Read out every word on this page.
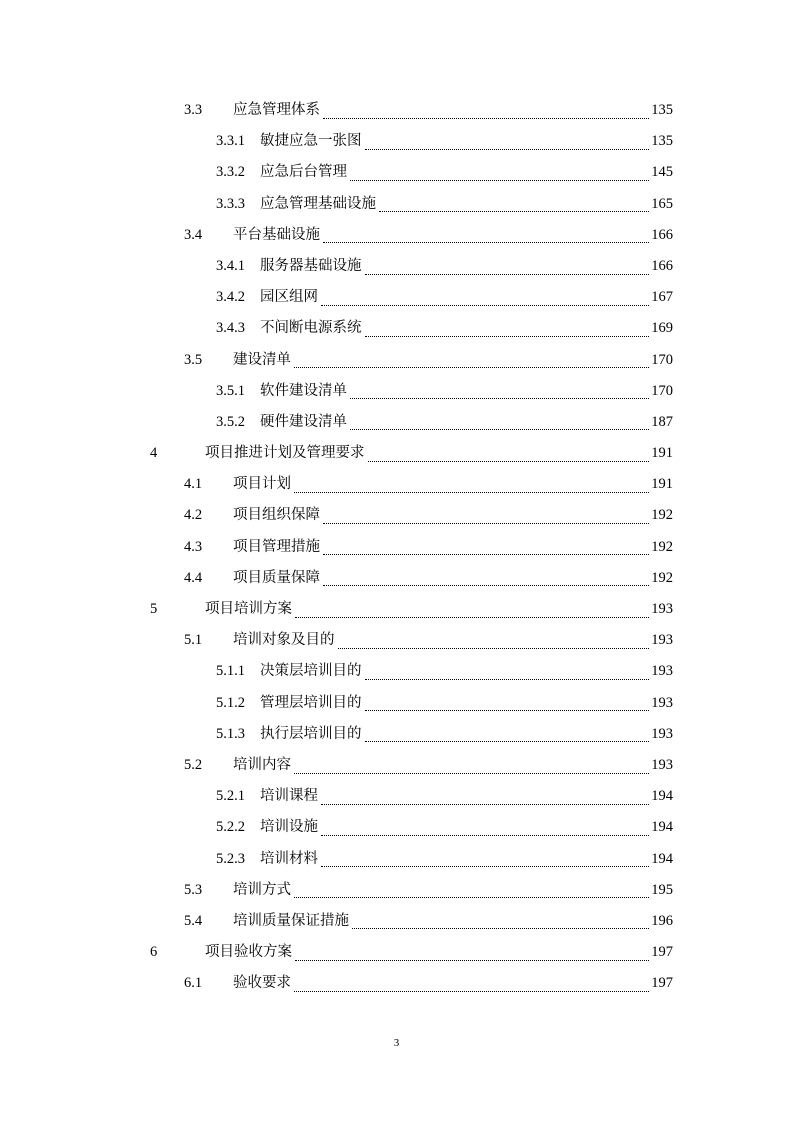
3.3 应急管理体系	135
3.3.1 敏捷应急一张图	135
3.3.2 应急后台管理	145
3.3.3 应急管理基础设施	165
3.4 平台基础设施	166
3.4.1 服务器基础设施	166
3.4.2 园区组网	167
3.4.3 不间断电源系统	169
3.5 建设清单	170
3.5.1 软件建设清单	170
3.5.2 硬件建设清单	187
4	项目推进计划及管理要求	191
4.1 项目计划	191
4.2 项目组织保障	192
4.3 项目管理措施	192
4.4 项目质量保障	192
5	项目培训方案	193
5.1 培训对象及目的	193
5.1.1 决策层培训目的	193
5.1.2 管理层培训目的	193
5.1.3 执行层培训目的	193
5.2 培训内容	193
5.2.1 培训课程	194
5.2.2 培训设施	194
5.2.3 培训材料	194
5.3 培训方式	195
5.4 培训质量保证措施	196
6	项目验收方案	197
6.1 验收要求	197
3
